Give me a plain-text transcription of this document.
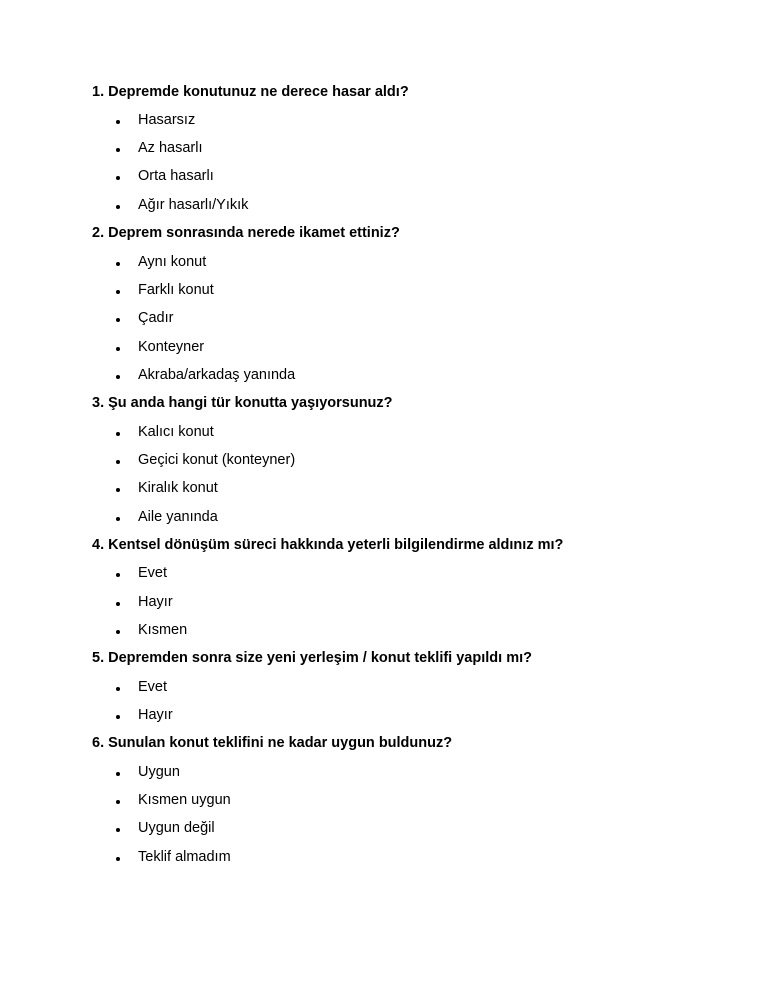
1. Depremde konutunuz ne derece hasar aldı?
Hasarsız
Az hasarlı
Orta hasarlı
Ağır hasarlı/Yıkık
2. Deprem sonrasında nerede ikamet ettiniz?
Aynı konut
Farklı konut
Çadır
Konteyner
Akraba/arkadaş yanında
3. Şu anda hangi tür konutta yaşıyorsunuz?
Kalıcı konut
Geçici konut (konteyner)
Kiralık konut
Aile yanında
4. Kentsel dönüşüm süreci hakkında yeterli bilgilendirme aldınız mı?
Evet
Hayır
Kısmen
5. Depremden sonra size yeni yerleşim / konut teklifi yapıldı mı?
Evet
Hayır
6. Sunulan konut teklifini ne kadar uygun buldunuz?
Uygun
Kısmen uygun
Uygun değil
Teklif almadım
